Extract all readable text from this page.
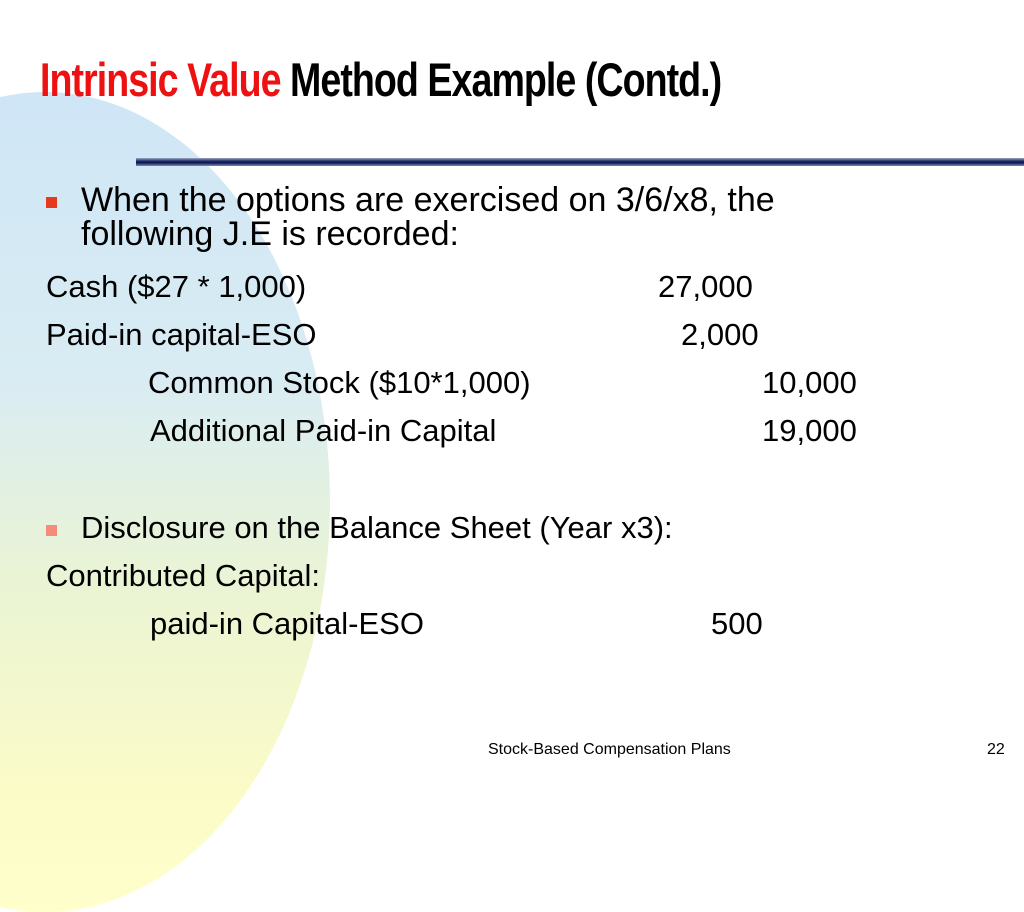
Intrinsic Value Method Example (Contd.)
When the options are exercised on 3/6/x8, the
following J.E is recorded:
Cash ($27 * 1,000)	27,000
Paid-in capital-ESO	2,000
Common Stock ($10*1,000)	10,000
Additional Paid-in Capital	19,000
Disclosure on the Balance Sheet (Year x3):
Contributed Capital:
paid-in Capital-ESO	500
Stock-Based Compensation Plans	22
